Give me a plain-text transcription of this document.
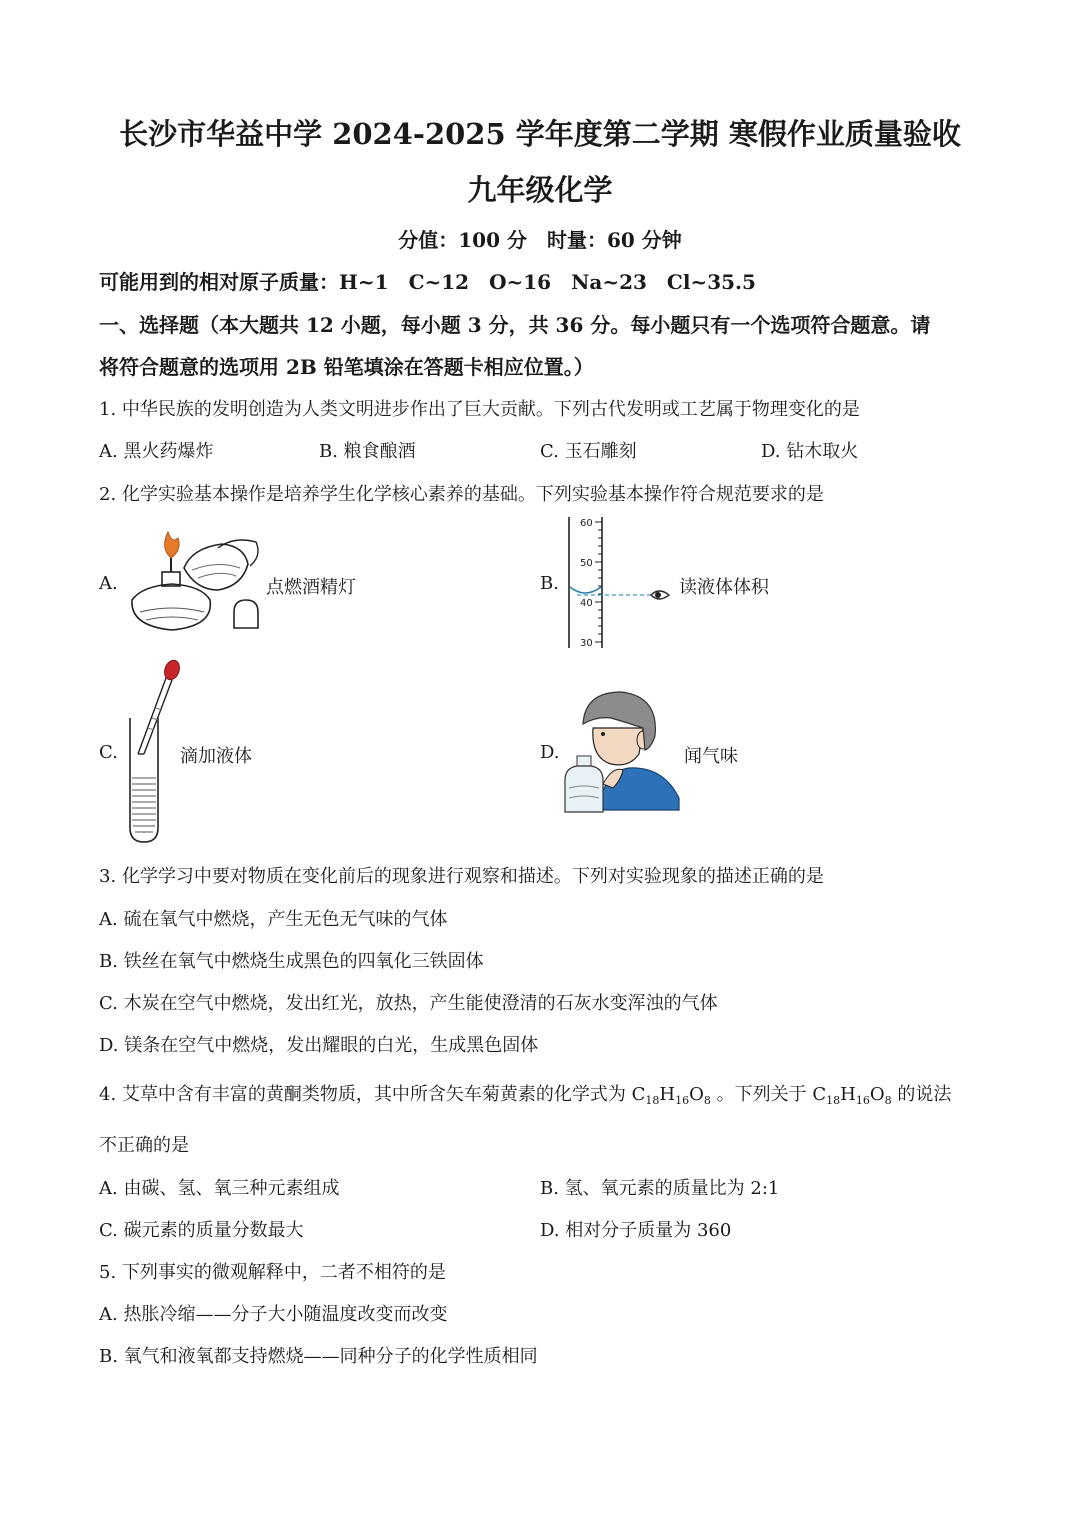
长沙市华益中学 2024-2025 学年度第二学期 寒假作业质量验收
九年级化学
分值：100 分　时量：60 分钟
可能用到的相对原子质量：H~1　C~12　O~16　Na~23　Cl~35.5
一、选择题（本大题共 12 小题，每小题 3 分，共 36 分。每小题只有一个选项符合题意。请
将符合题意的选项用 2B 铅笔填涂在答题卡相应位置。）
1. 中华民族的发明创造为人类文明进步作出了巨大贡献。下列古代发明或工艺属于物理变化的是
A. 黑火药爆炸	B. 粮食酿酒	C. 玉石雕刻	D. 钻木取火
2. 化学实验基本操作是培养学生化学核心素养的基础。下列实验基本操作符合规范要求的是
A.	点燃酒精灯	B.
60
50
40
30
读液体体积
C.	滴加液体	D.	闻气味
3. 化学学习中要对物质在变化前后的现象进行观察和描述。下列对实验现象的描述正确的是
A. 硫在氧气中燃烧，产生无色无气味的气体
B. 铁丝在氧气中燃烧生成黑色的四氧化三铁固体
C. 木炭在空气中燃烧，发出红光，放热，产生能使澄清的石灰水变浑浊的气体
D. 镁条在空气中燃烧，发出耀眼的白光，生成黑色固体
4. 艾草中含有丰富的黄酮类物质，其中所含矢车菊黄素的化学式为 $C_{18}H_{16}O_8$ 。下列关于 $C_{18}H_{16}O_8$ 的说法
不正确的是
A. 由碳、氢、氧三种元素组成	B. 氢、氧元素的质量比为 2:1
C. 碳元素的质量分数最大	D. 相对分子质量为 360
5. 下列事实的微观解释中，二者不相符的是
A. 热胀冷缩——分子大小随温度改变而改变
B. 氧气和液氧都支持燃烧——同种分子的化学性质相同
